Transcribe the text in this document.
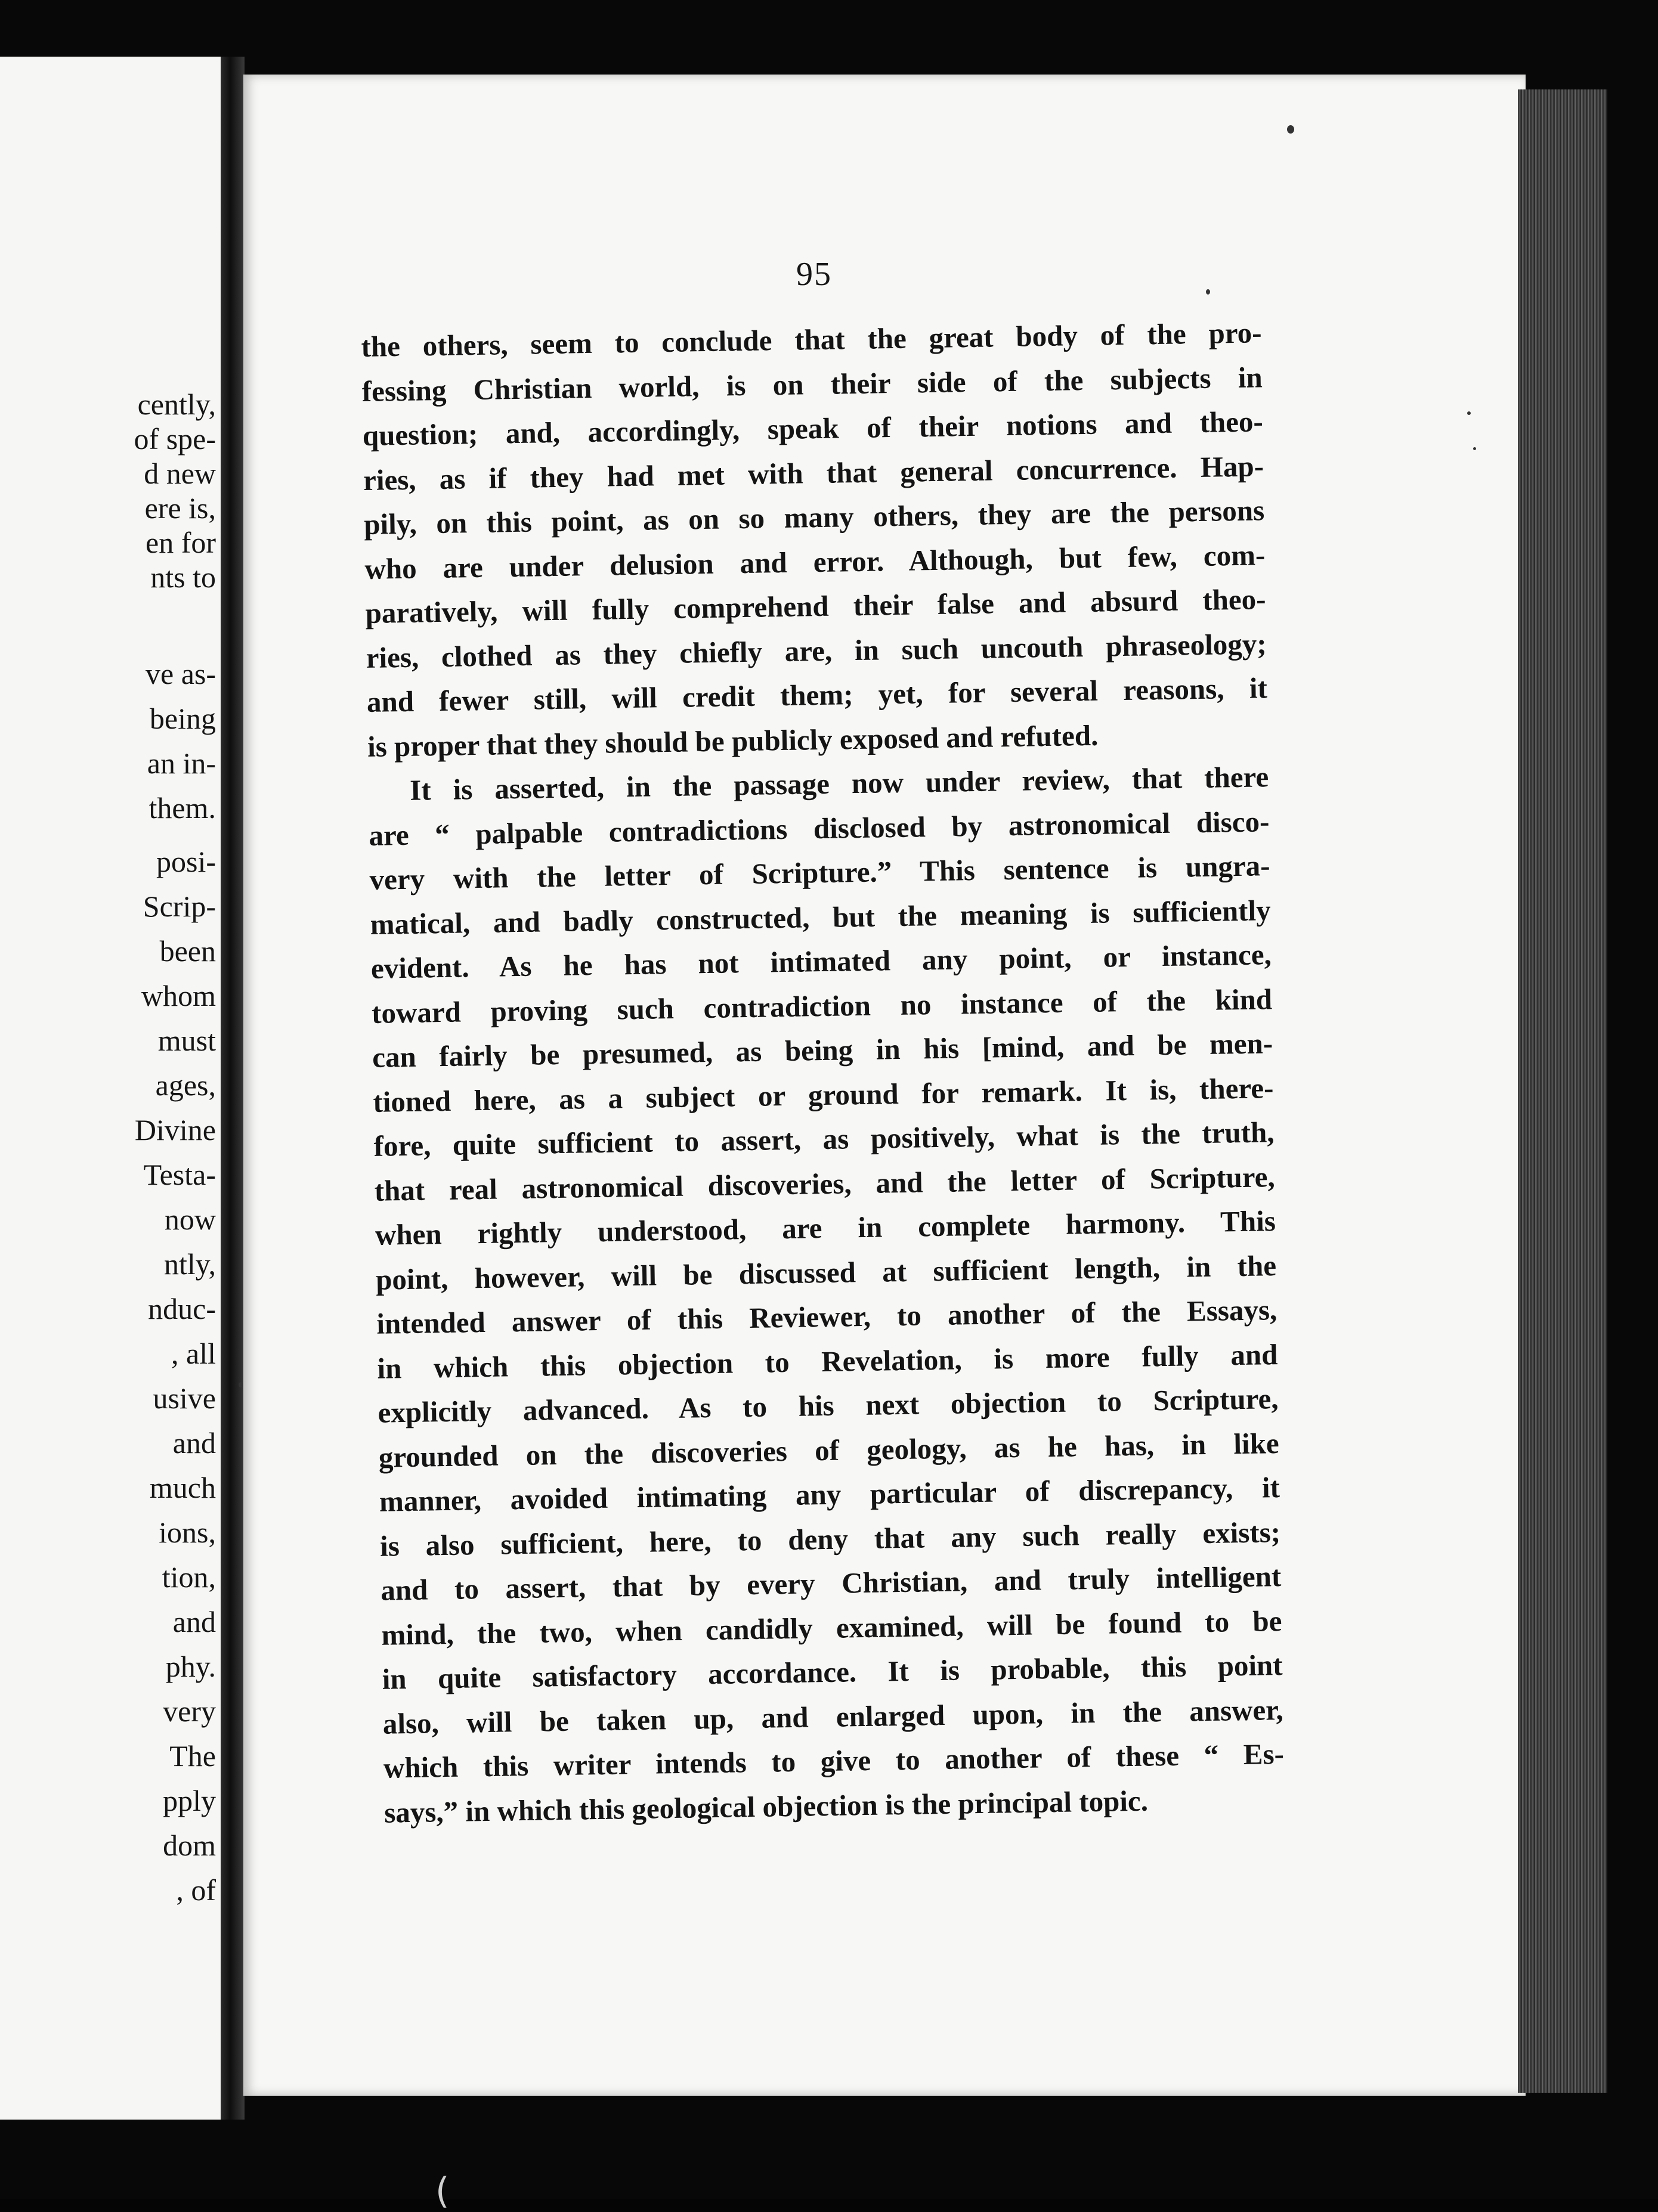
cently,
of spe-
d new
ere is,
en for
nts to
ve as-
being
an in-
them.
posi-
Scrip-
been
whom
must
ages,
Divine
Testa-
now
ntly,
nduc-
, all
usive
and
much
ions,
tion,
and
phy.
very
The
pply
dom
, of
95
the others, seem to conclude that the great body of the pro-
fessing Christian world, is on their side of the subjects in
question; and, accordingly, speak of their notions and theo-
ries, as if they had met with that general concurrence. Hap-
pily, on this point, as on so many others, they are the persons
who are under delusion and error. Although, but few, com-
paratively, will fully comprehend their false and absurd theo-
ries, clothed as they chiefly are, in such uncouth phraseology;
and fewer still, will credit them; yet, for several reasons, it
is proper that they should be publicly exposed and refuted.
It is asserted, in the passage now under review, that there
are “ palpable contradictions disclosed by astronomical disco-
very with the letter of Scripture.” This sentence is ungra-
matical, and badly constructed, but the meaning is sufficiently
evident. As he has not intimated any point, or instance,
toward proving such contradiction no instance of the kind
can fairly be presumed, as being in his [mind, and be men-
tioned here, as a subject or ground for remark. It is, there-
fore, quite sufficient to assert, as positively, what is the truth,
that real astronomical discoveries, and the letter of Scripture,
when rightly understood, are in complete harmony. This
point, however, will be discussed at sufficient length, in the
intended answer of this Reviewer, to another of the Essays,
in which this objection to Revelation, is more fully and
explicitly advanced. As to his next objection to Scripture,
grounded on the discoveries of geology, as he has, in like
manner, avoided intimating any particular of discrepancy, it
is also sufficient, here, to deny that any such really exists;
and to assert, that by every Christian, and truly intelligent
mind, the two, when candidly examined, will be found to be
in quite satisfactory accordance. It is probable, this point
also, will be taken up, and enlarged upon, in the answer,
which this writer intends to give to another of these “ Es-
says,” in which this geological objection is the principal topic.
(
